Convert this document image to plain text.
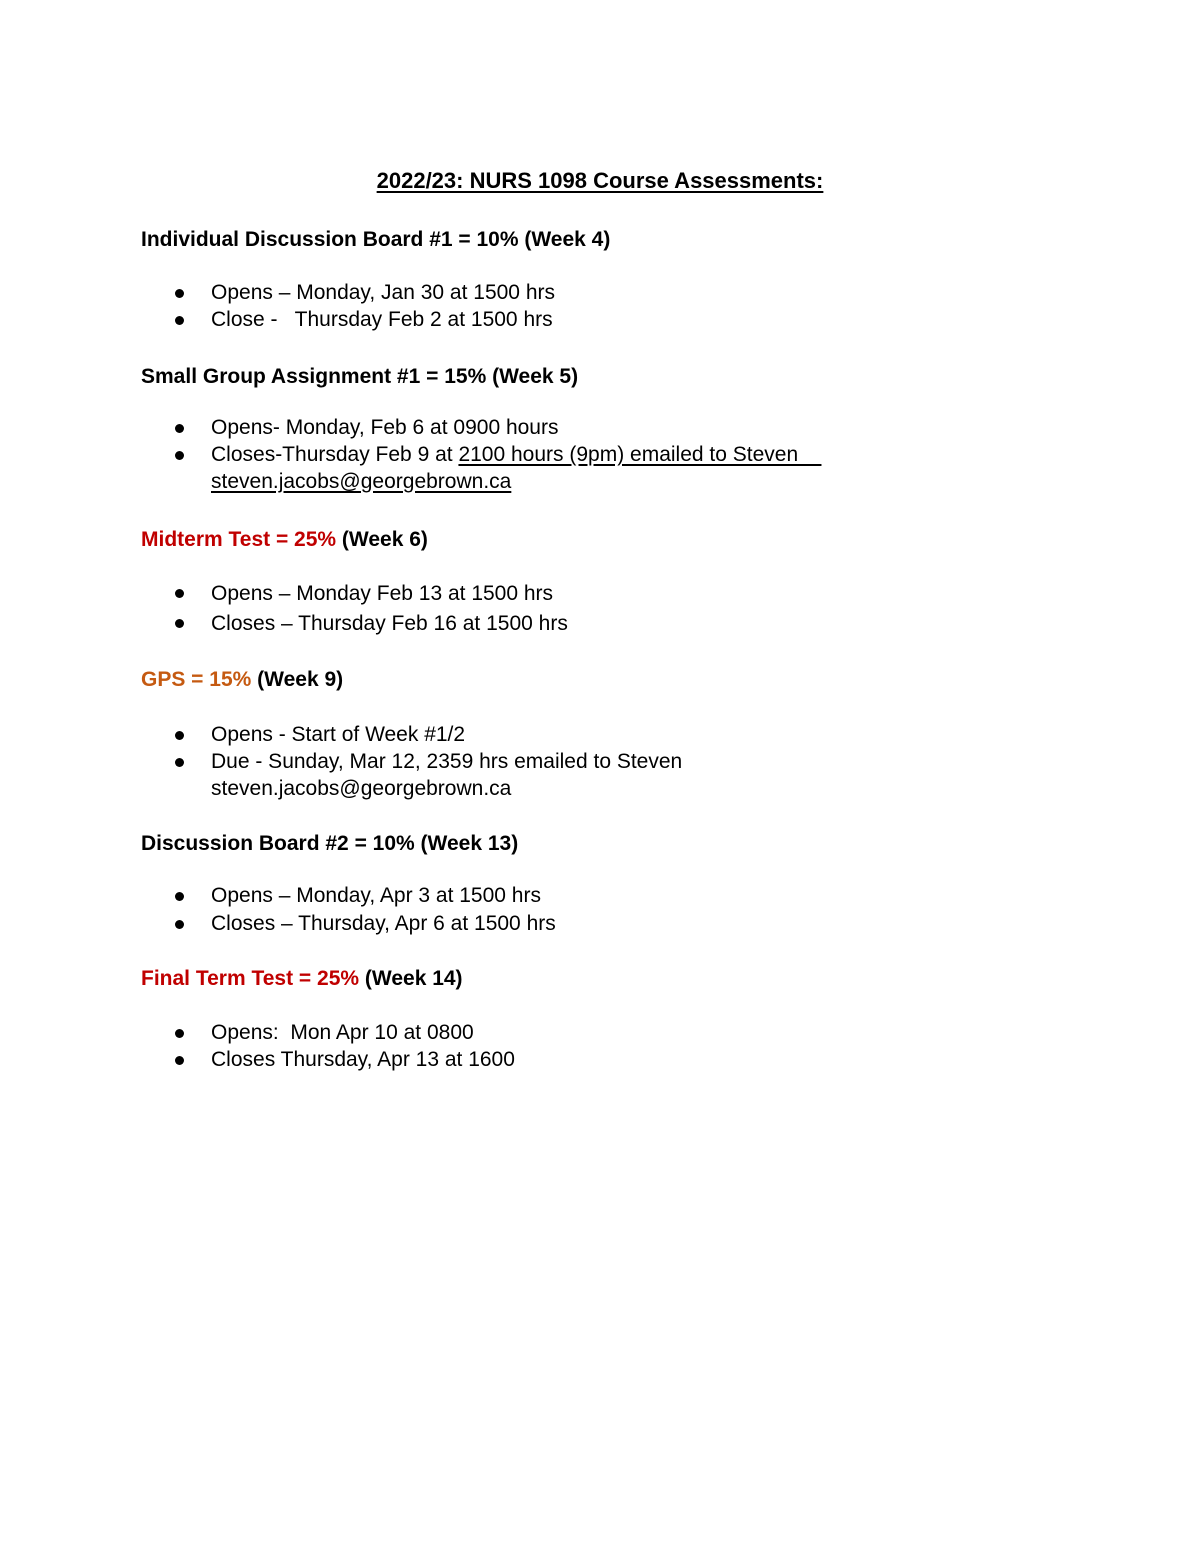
2022/23: NURS 1098 Course Assessments:

Individual Discussion Board #1 = 10% (Week 4)

Opens – Monday, Jan 30 at 1500 hrs
Close -   Thursday Feb 2 at 1500 hrs

Small Group Assignment #1 = 15% (Week 5)

Opens- Monday, Feb 6 at 0900 hours
Closes-Thursday Feb 9 at 2100 hours (9pm) emailed to Steven
steven.jacobs@georgebrown.ca

Midterm Test = 25% (Week 6)

Opens – Monday Feb 13 at 1500 hrs
Closes – Thursday Feb 16 at 1500 hrs

GPS = 15% (Week 9)

Opens - Start of Week #1/2
Due - Sunday, Mar 12, 2359 hrs emailed to Steven
steven.jacobs@georgebrown.ca

Discussion Board #2 = 10% (Week 13)

Opens – Monday, Apr 3 at 1500 hrs
Closes – Thursday, Apr 6 at 1500 hrs

Final Term Test = 25% (Week 14)

Opens:  Mon Apr 10 at 0800
Closes Thursday, Apr 13 at 1600
